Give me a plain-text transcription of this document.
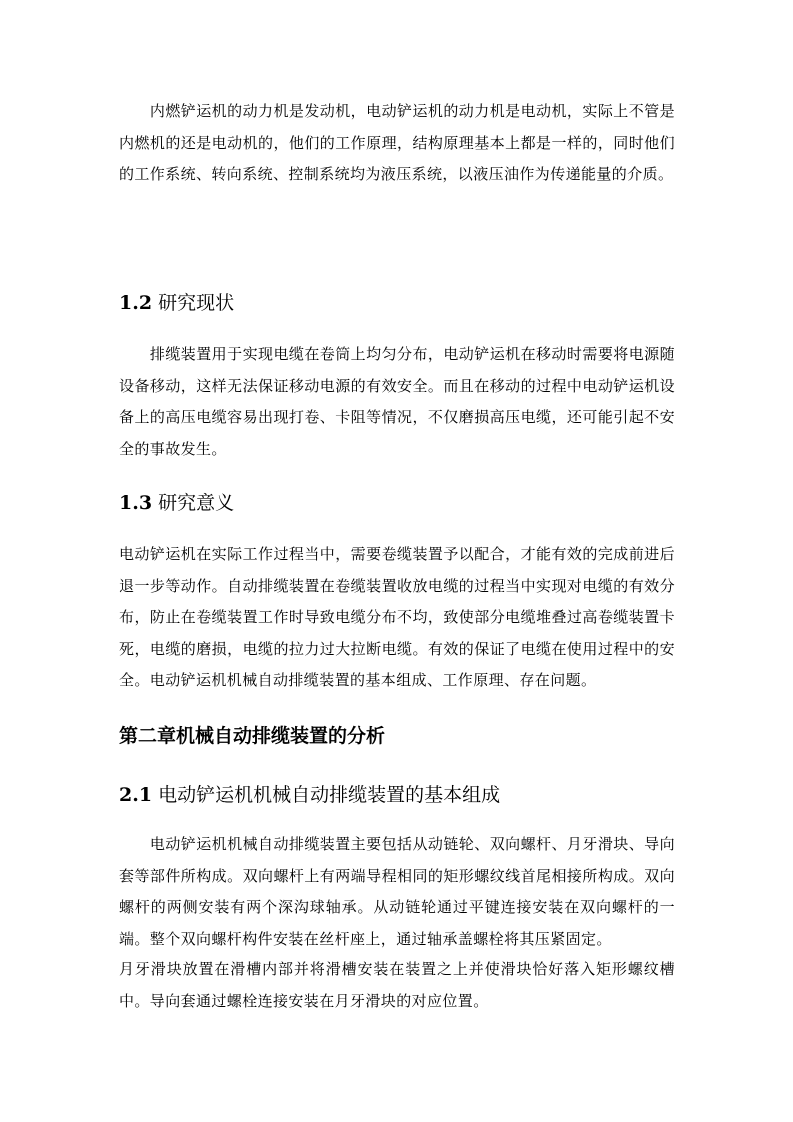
　　内燃铲运机的动力机是发动机，电动铲运机的动力机是电动机，实际上不管是内燃机的还是电动机的，他们的工作原理，结构原理基本上都是一样的，同时他们的工作系统、转向系统、控制系统均为液压系统，以液压油作为传递能量的介质。

1.2 研究现状

　　排缆装置用于实现电缆在卷筒上均匀分布，电动铲运机在移动时需要将电源随设备移动，这样无法保证移动电源的有效安全。而且在移动的过程中电动铲运机设备上的高压电缆容易出现打卷、卡阻等情况，不仅磨损高压电缆，还可能引起不安全的事故发生。

1.3 研究意义

电动铲运机在实际工作过程当中，需要卷缆装置予以配合，才能有效的完成前进后退一步等动作。自动排缆装置在卷缆装置收放电缆的过程当中实现对电缆的有效分布，防止在卷缆装置工作时导致电缆分布不均，致使部分电缆堆叠过高卷缆装置卡死，电缆的磨损，电缆的拉力过大拉断电缆。有效的保证了电缆在使用过程中的安全。电动铲运机机械自动排缆装置的基本组成、工作原理、存在问题。

第二章机械自动排缆装置的分析
2.1 电动铲运机机械自动排缆装置的基本组成

　　电动铲运机机械自动排缆装置主要包括从动链轮、双向螺杆、月牙滑块、导向套等部件所构成。双向螺杆上有两端导程相同的矩形螺纹线首尾相接所构成。双向螺杆的两侧安装有两个深沟球轴承。从动链轮通过平键连接安装在双向螺杆的一端。整个双向螺杆构件安装在丝杆座上，通过轴承盖螺栓将其压紧固定。

月牙滑块放置在滑槽内部并将滑槽安装在装置之上并使滑块恰好落入矩形螺纹槽中。导向套通过螺栓连接安装在月牙滑块的对应位置。
